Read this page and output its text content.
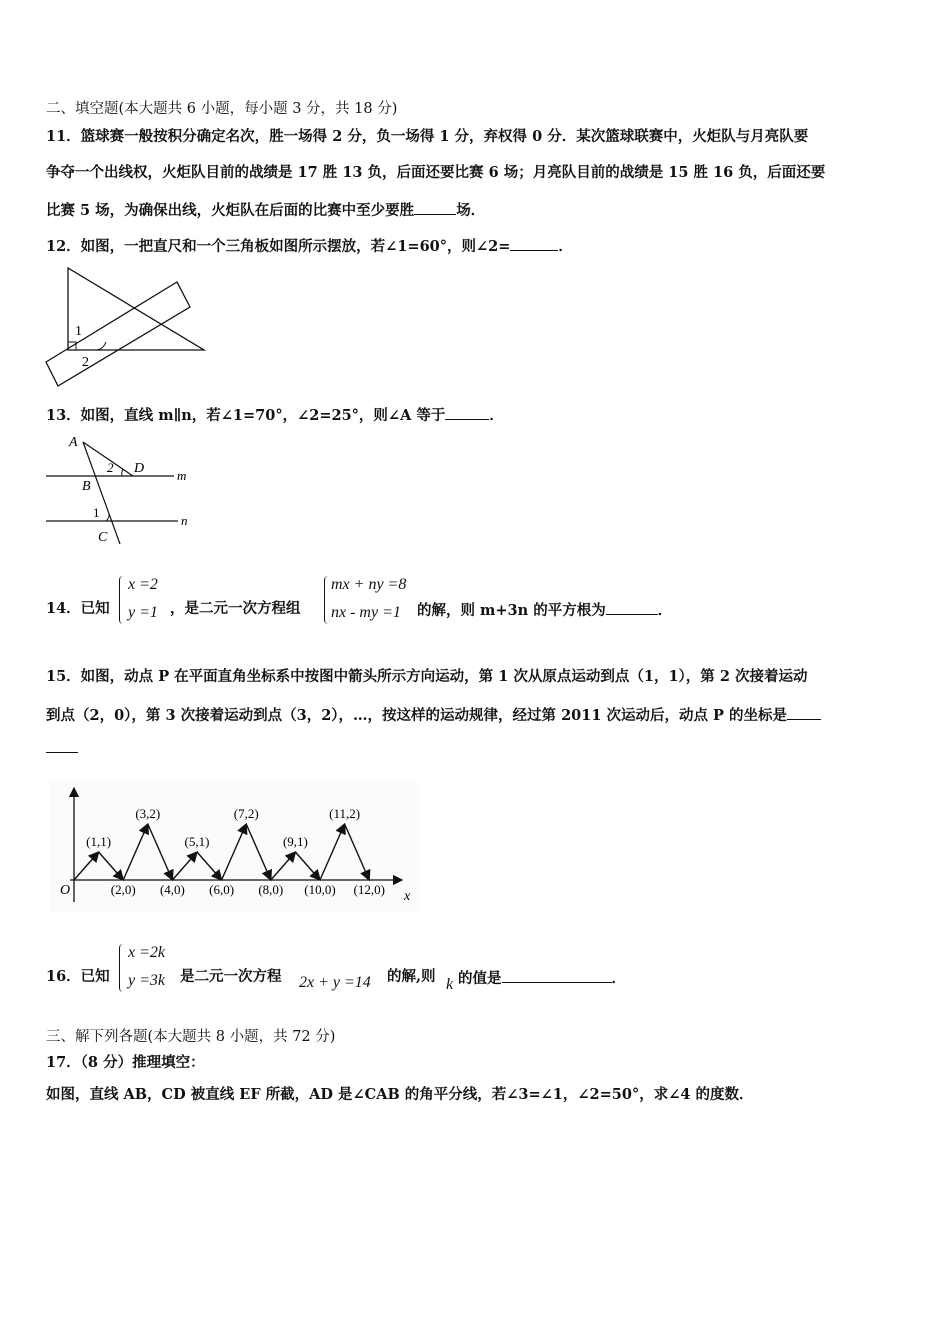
二、填空题(本大题共 6 小题，每小题 3 分，共 18 分)
11．篮球赛一般按积分确定名次，胜一场得 2 分，负一场得 1 分，弃权得 0 分．某次篮球联赛中，火炬队与月亮队要
争夺一个出线权，火炬队目前的战绩是 17 胜 13 负，后面还要比赛 6 场；月亮队目前的战绩是 15 胜 16 负，后面还要
比赛 5 场，为确保出线，火炬队在后面的比赛中至少要胜	场．
12．如图，一把直尺和一个三角板如图所示摆放，若∠1=60°，则∠2=	．
1
2
13．如图，直线 m∥n，若∠1=70°，∠2=25°，则∠A 等于	．
A
B
C
D	m
n
2
1
14．已知
x =2
y =1 ，是二元一次方程组
mx + ny =8
nx - my =1 的解，则 m+3n 的平方根为	．
15．如图，动点 P 在平面直角坐标系中按图中箭头所示方向运动，第 1 次从原点运动到点（1，1），第 2 次接着运动
到点（2，0），第 3 次接着运动到点（3，2），…，按这样的运动规律，经过第 2011 次运动后，动点 P 的坐标是
O	x
(1,1)
(3,2)
(5,1)
(7,2)
(9,1)
(11,2)
(2,0) (4,0) (6,0) (8,0) (10,0) (12,0)
16．已知
x =2k
y =3k 是二元一次方程 2x + y =14 的解,则 k 的值是	．
三、解下列各题(本大题共 8 小题，共 72 分)
17．（8 分）推理填空：
如图，直线 AB，CD 被直线 EF 所截，AD 是∠CAB 的角平分线，若∠3=∠1，∠2=50°，求∠4 的度数．
